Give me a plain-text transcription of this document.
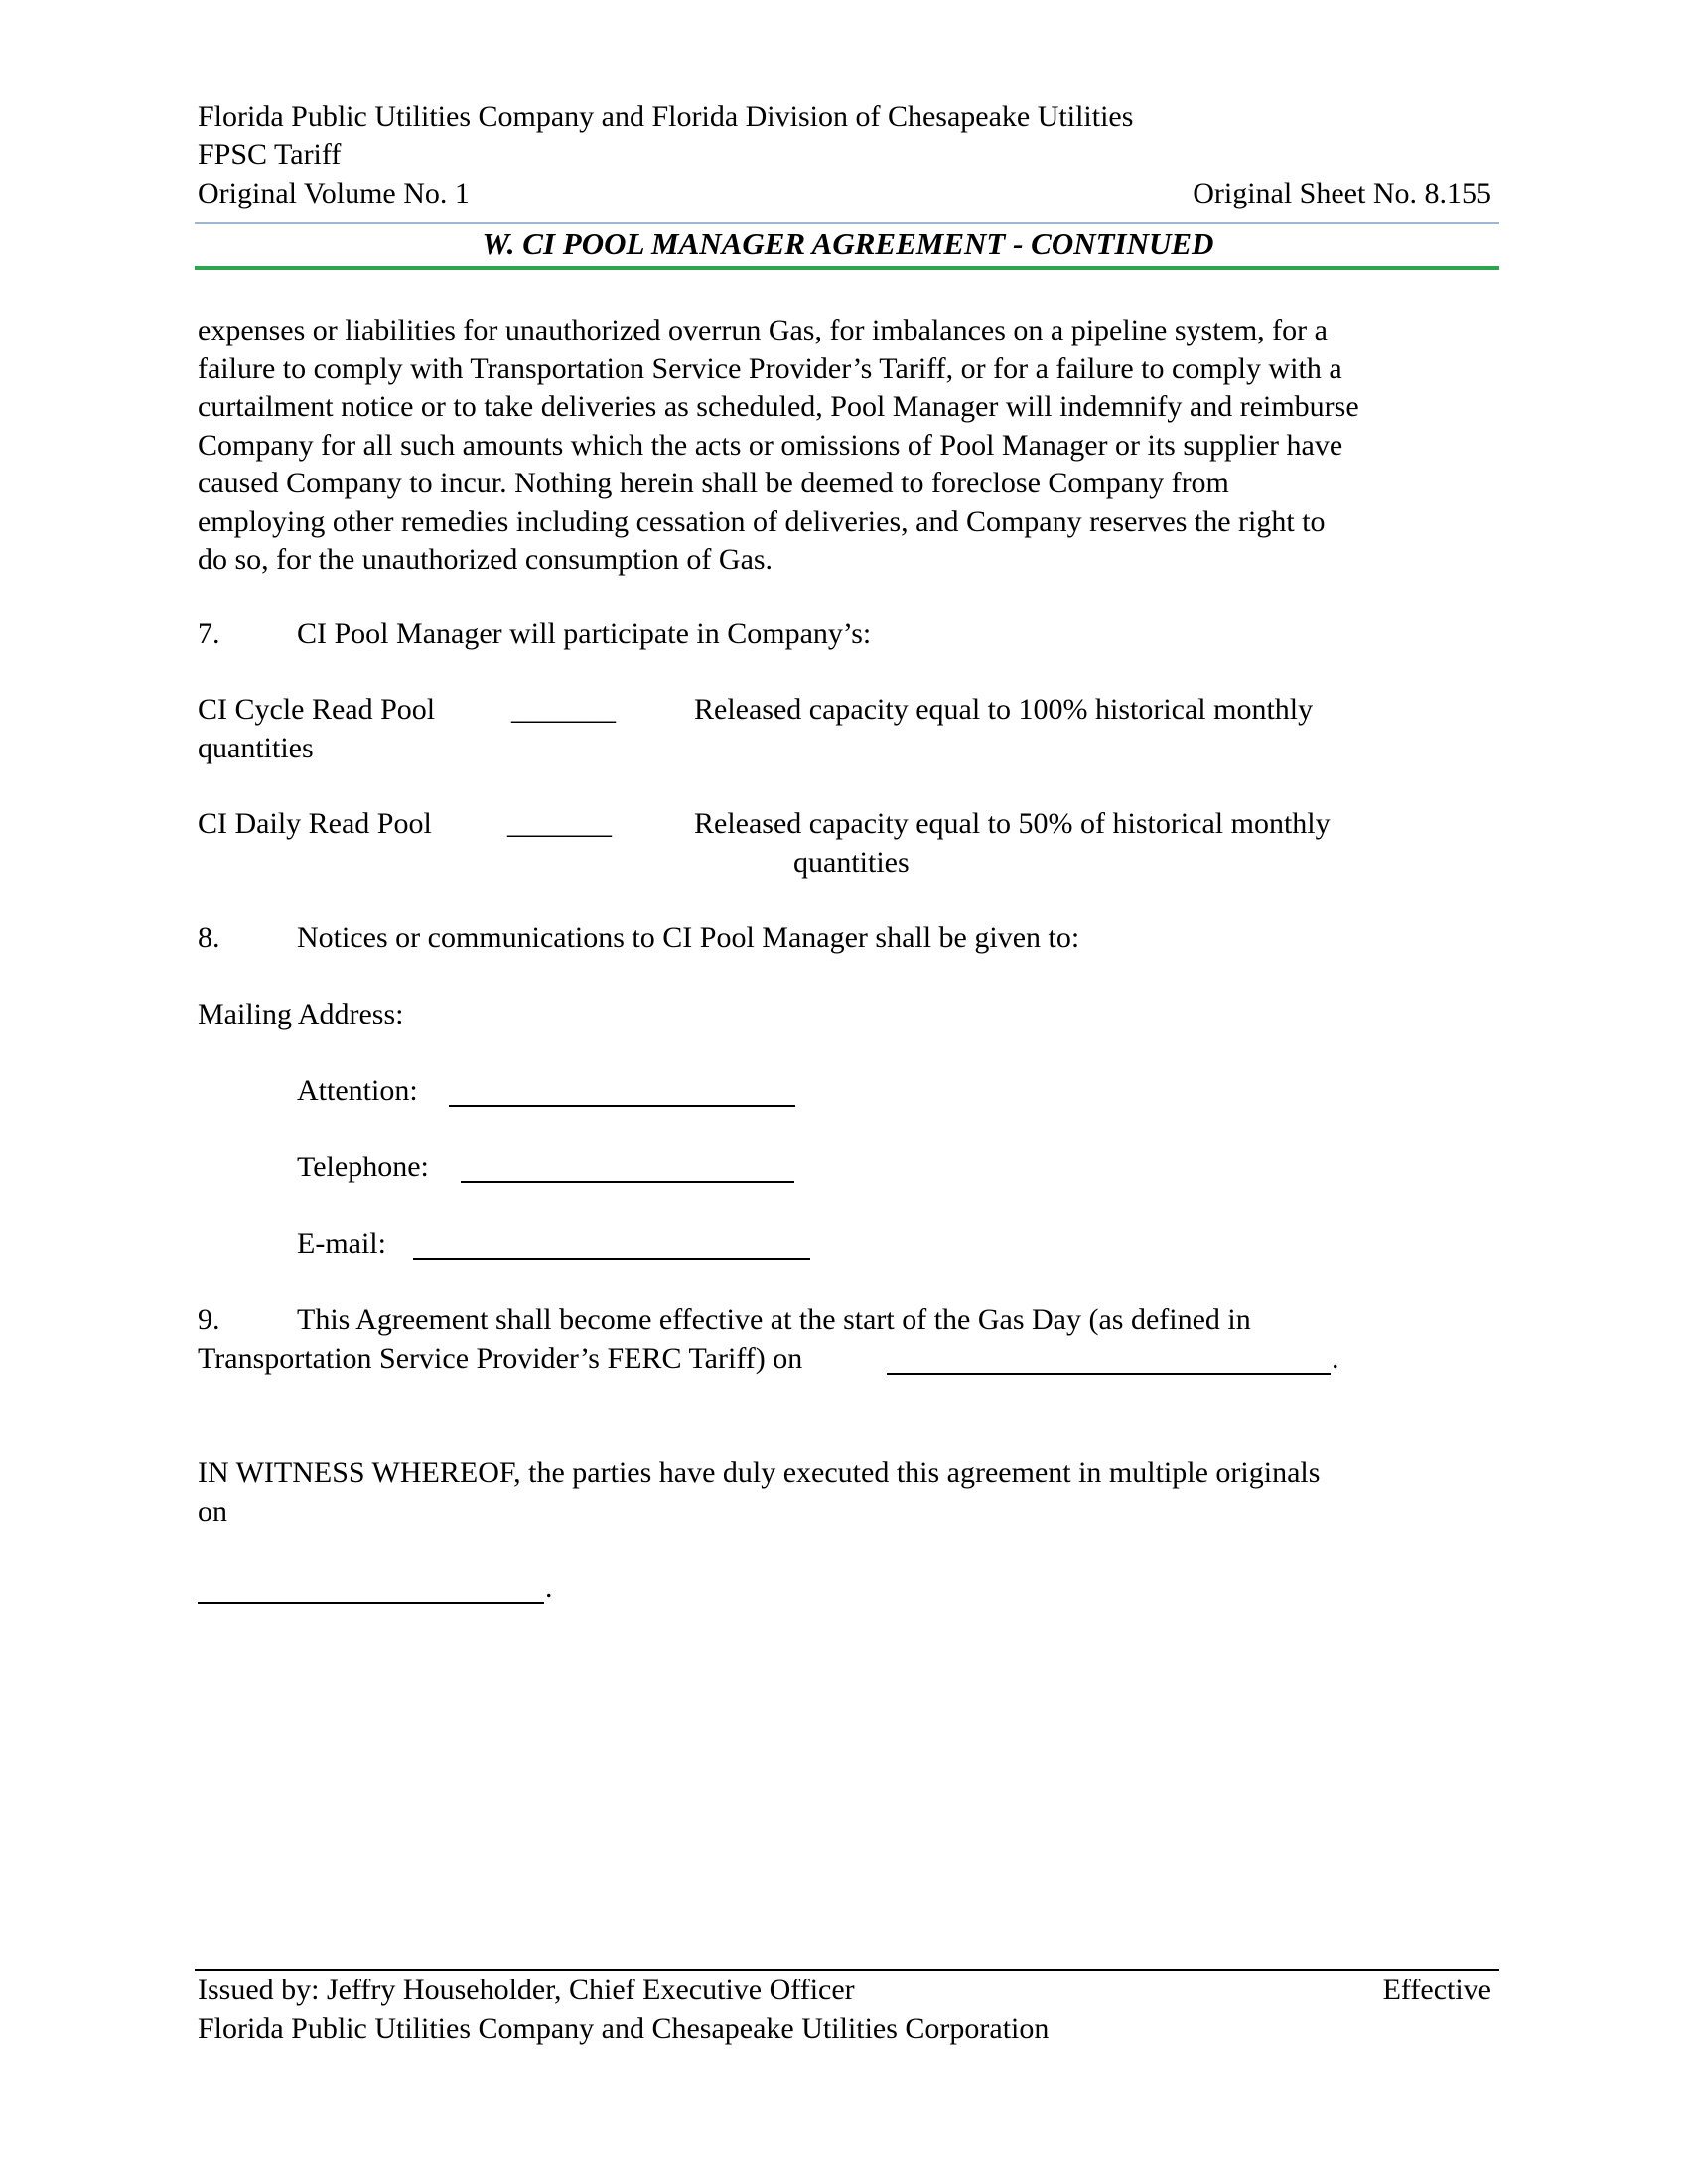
Florida Public Utilities Company and Florida Division of Chesapeake Utilities
FPSC Tariff
Original Volume No. 1	Original Sheet No. 8.155
W. CI POOL MANAGER AGREEMENT - CONTINUED

expenses or liabilities for unauthorized overrun Gas, for imbalances on a pipeline system, for a

failure to comply with Transportation Service Provider’s Tariff, or for a failure to comply with a

curtailment notice or to take deliveries as scheduled, Pool Manager will indemnify and reimburse

Company for all such amounts which the acts or omissions of Pool Manager or its supplier have

caused Company to incur. Nothing herein shall be deemed to foreclose Company from

employing other remedies including cessation of deliveries, and Company reserves the right to

do so, for the unauthorized consumption of Gas.

7.	CI Pool Manager will participate in Company’s:
CI Cycle Read Pool	_______	Released capacity equal to 100% historical monthly
quantities
CI Daily Read Pool	_______	Released capacity equal to 50% of historical monthly
quantities
8.	Notices or communications to CI Pool Manager shall be given to:
Mailing Address:
Attention:
Telephone:
E-mail:
9.	This Agreement shall become effective at the start of the Gas Day (as defined in
Transportation Service Provider’s FERC Tariff) on	.
IN WITNESS WHEREOF, the parties have duly executed this agreement in multiple originals
on
.
Issued by: Jeffry Householder, Chief Executive Officer	Effective
Florida Public Utilities Company and Chesapeake Utilities Corporation
